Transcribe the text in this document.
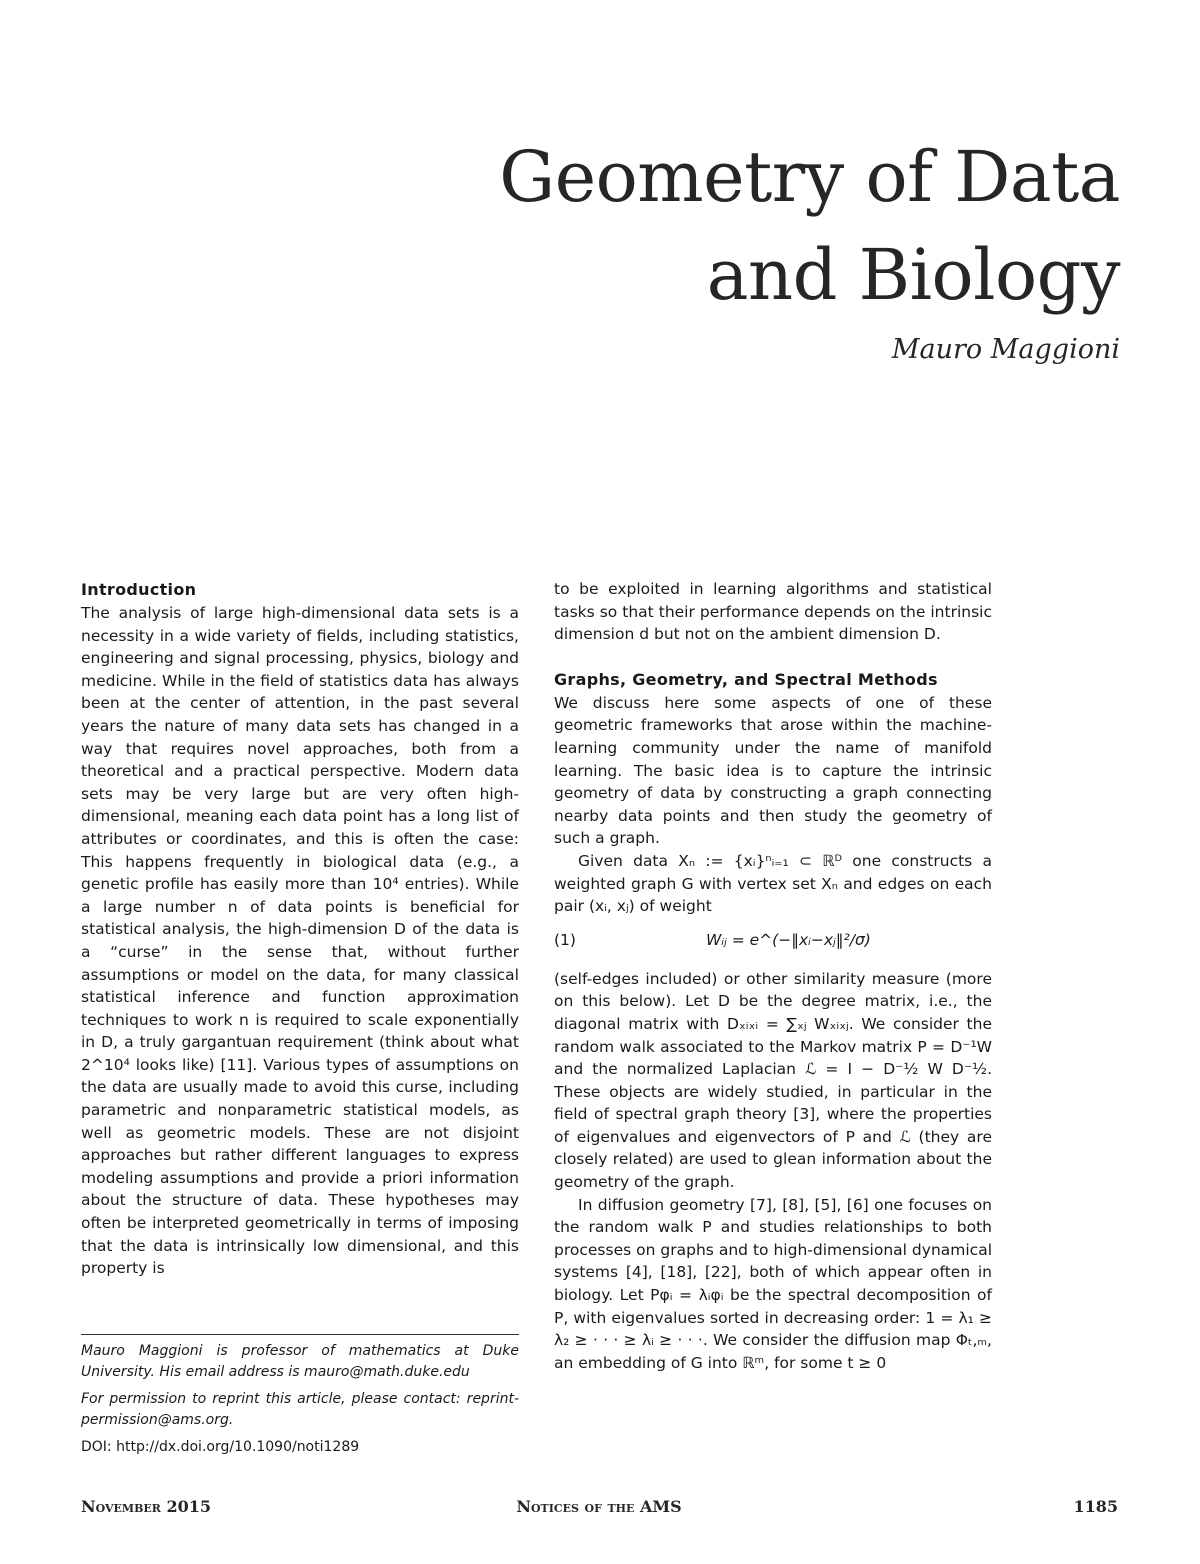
Geometry of Data
and Biology
Mauro Maggioni
Introduction

The analysis of large high-dimensional data sets is a necessity in a wide variety of fields, including statistics, engineering and signal processing, physics, biology and medicine. While in the field of statistics data has always been at the center of attention, in the past several years the nature of many data sets has changed in a way that requires novel approaches, both from a theoretical and a practical perspective. Modern data sets may be very large but are very often high-dimensional, meaning each data point has a long list of attributes or coordinates, and this is often the case: This happens frequently in biological data (e.g., a genetic profile has easily more than 10⁴ entries). While a large number n of data points is beneficial for statistical analysis, the high-dimension D of the data is a “curse” in the sense that, without further assumptions or model on the data, for many classical statistical inference and function approximation techniques to work n is required to scale exponentially in D, a truly gargantuan requirement (think about what 2^10⁴ looks like) [11]. Various types of assumptions on the data are usually made to avoid this curse, including parametric and nonparametric statistical models, as well as geometric models. These are not disjoint approaches but rather different languages to express modeling assumptions and provide a priori information about the structure of data. These hypotheses may often be interpreted geometrically in terms of imposing that the data is intrinsically low dimensional, and this property is

to be exploited in learning algorithms and statistical tasks so that their performance depends on the intrinsic dimension d but not on the ambient dimension D.

Graphs, Geometry, and Spectral Methods

We discuss here some aspects of one of these geometric frameworks that arose within the machine-learning community under the name of manifold learning. The basic idea is to capture the intrinsic geometry of data by constructing a graph connecting nearby data points and then study the geometry of such a graph.

Given data Xₙ := {xᵢ}ⁿᵢ₌₁ ⊂ ℝᴰ one constructs a weighted graph G with vertex set Xₙ and edges on each pair (xᵢ, xⱼ) of weight

(1)	Wᵢⱼ = e^(−‖xᵢ−xⱼ‖²/σ)

(self-edges included) or other similarity measure (more on this below). Let D be the degree matrix, i.e., the diagonal matrix with Dₓᵢₓᵢ = ∑ₓⱼ Wₓᵢₓⱼ. We consider the random walk associated to the Markov matrix P = D⁻¹W and the normalized Laplacian ℒ = I − D⁻½ W D⁻½. These objects are widely studied, in particular in the field of spectral graph theory [3], where the properties of eigenvalues and eigenvectors of P and ℒ (they are closely related) are used to glean information about the geometry of the graph.

In diffusion geometry [7], [8], [5], [6] one focuses on the random walk P and studies relationships to both processes on graphs and to high-dimensional dynamical systems [4], [18], [22], both of which appear often in biology. Let Pφᵢ = λᵢφᵢ be the spectral decomposition of P, with eigenvalues sorted in decreasing order: 1 = λ₁ ≥ λ₂ ≥ · · · ≥ λᵢ ≥ · · ·. We consider the diffusion map Φₜ,ₘ, an embedding of G into ℝᵐ, for some t ≥ 0

Mauro Maggioni is professor of mathematics at Duke University. His email address is mauro@math.duke.edu

For permission to reprint this article, please contact: reprint-permission@ams.org.

DOI: http://dx.doi.org/10.1090/noti1289

November 2015	Notices of the AMS	1185
